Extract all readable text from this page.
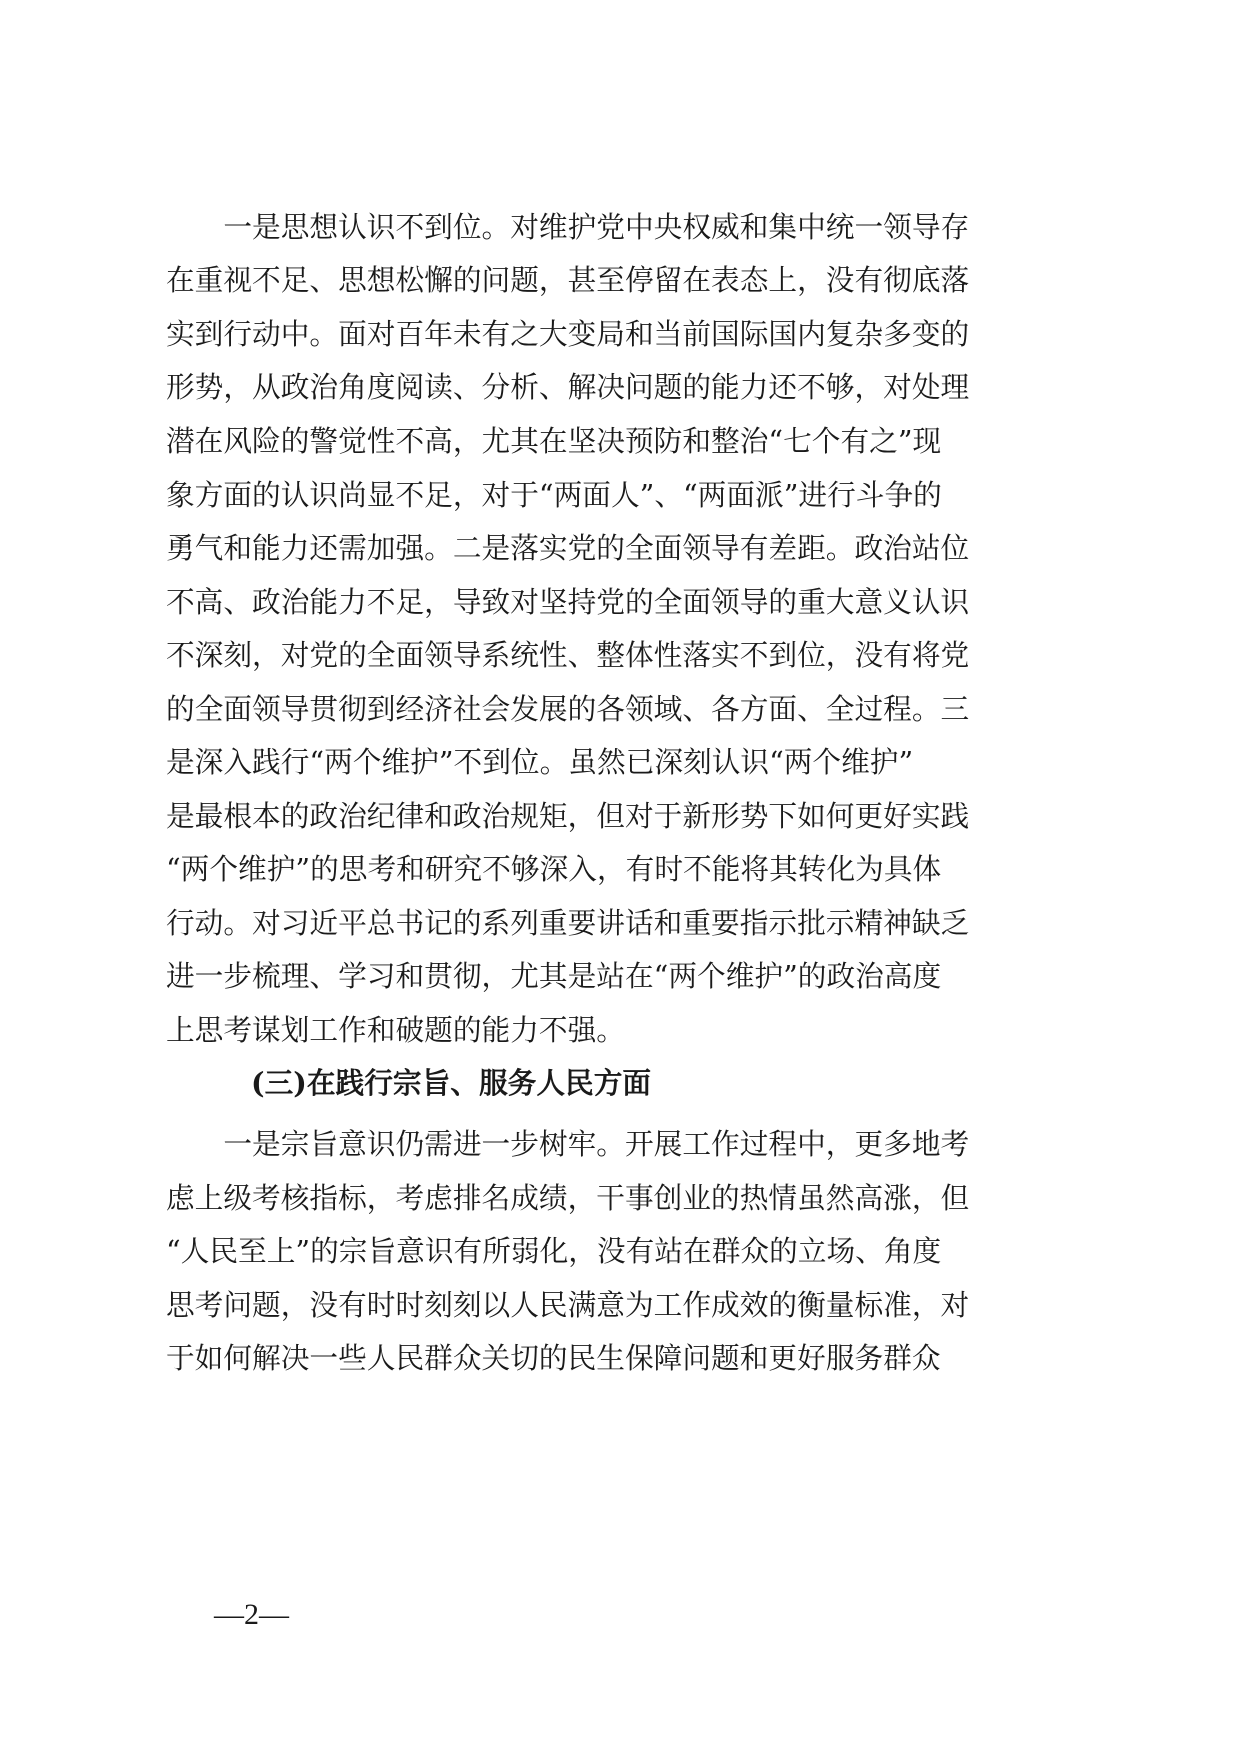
　　一是思想认识不到位。对维护党中央权威和集中统一领导存
在重视不足、思想松懈的问题，甚至停留在表态上，没有彻底落
实到行动中。面对百年未有之大变局和当前国际国内复杂多变的
形势，从政治角度阅读、分析、解决问题的能力还不够，对处理
潜在风险的警觉性不高，尤其在坚决预防和整治“七个有之”现
象方面的认识尚显不足，对于“两面人”、“两面派”进行斗争的
勇气和能力还需加强。二是落实党的全面领导有差距。政治站位
不高、政治能力不足，导致对坚持党的全面领导的重大意义认识
不深刻，对党的全面领导系统性、整体性落实不到位，没有将党
的全面领导贯彻到经济社会发展的各领域、各方面、全过程。三
是深入践行“两个维护”不到位。虽然已深刻认识“两个维护”
是最根本的政治纪律和政治规矩，但对于新形势下如何更好实践
“两个维护”的思考和研究不够深入，有时不能将其转化为具体
行动。对习近平总书记的系列重要讲话和重要指示批示精神缺乏
进一步梳理、学习和贯彻，尤其是站在“两个维护”的政治高度
上思考谋划工作和破题的能力不强。
(三)在践行宗旨、服务人民方面
　　一是宗旨意识仍需进一步树牢。开展工作过程中，更多地考
虑上级考核指标，考虑排名成绩，干事创业的热情虽然高涨，但
“人民至上”的宗旨意识有所弱化，没有站在群众的立场、角度
思考问题，没有时时刻刻以人民满意为工作成效的衡量标准，对
于如何解决一些人民群众关切的民生保障问题和更好服务群众
—2—
